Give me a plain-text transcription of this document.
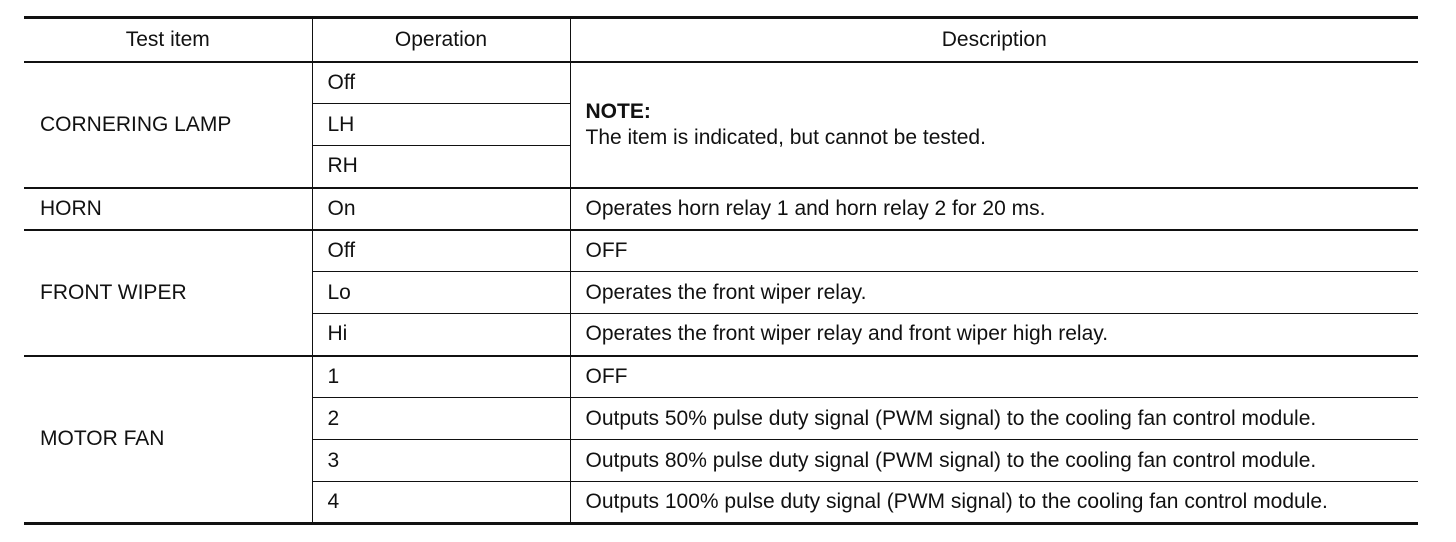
Test item	Operation	Description
CORNERING LAMP	Off	NOTE:
The item is indicated, but cannot be tested.

	LH	
	RH	
HORN	On	Operates horn relay 1 and horn relay 2 for 20 ms.
FRONT WIPER	Off	OFF
	Lo	Operates the front wiper relay.
	Hi	Operates the front wiper relay and front wiper high relay.
MOTOR FAN	1	OFF
	2	Outputs 50% pulse duty signal (PWM signal) to the cooling fan control module.
	3	Outputs 80% pulse duty signal (PWM signal) to the cooling fan control module.
	4	Outputs 100% pulse duty signal (PWM signal) to the cooling fan control module.
